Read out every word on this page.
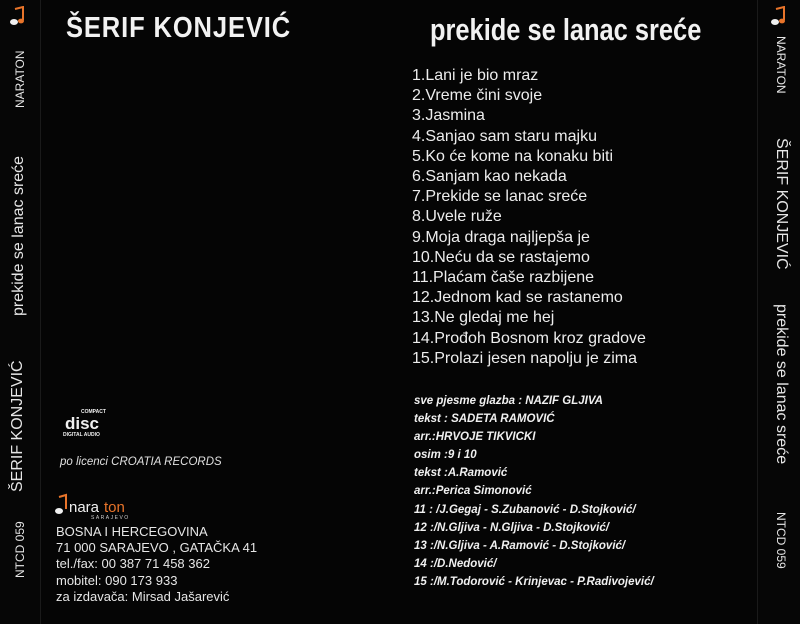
NARATON
prekide se lanac sreće
ŠERIF KONJEVIĆ
NTCD 059
NARATON
ŠERIF KONJEVIĆ
prekide se lanac sreće
NTCD 059
ŠERIF KONJEVIĆ	prekide se lanac sreće
1.Lani je bio mraz
2.Vreme čini svoje
3.Jasmina
4.Sanjao sam staru majku
5.Ko će kome na konaku biti
6.Sanjam kao nekada
7.Prekide se lanac sreće
8.Uvele ruže
9.Moja draga najljepša je
10.Neću da se rastajemo
11.Plaćam čaše razbijene
12.Jednom kad se rastanemo
13.Ne gledaj me hej
14.Prođoh Bosnom kroz gradove
15.Prolazi jesen napolju je zima
sve pjesme glazba : NAZIF GLJIVA
tekst : SADETA RAMOVIĆ
arr.:HRVOJE TIKVICKI
osim :9 i 10
tekst :A.Ramović
arr.:Perica Simonović
11 : /J.Gegaj - S.Zubanović - D.Stojković/
12 :/N.Gljiva - N.Gljiva - D.Stojković/
13 :/N.Gljiva - A.Ramović - D.Stojković/
14 :/D.Nedović/
15 :/M.Todorović - Krinjevac - P.Radivojević/
COMPACT
disc
DIGITAL AUDIO
po licenci CROATIA RECORDS
nara ton
SARAJEVO
BOSNA I HERCEGOVINA
71 000 SARAJEVO , GATAČKA 41
tel./fax: 00 387 71 458 362
mobitel: 090 173 933
za izdavača: Mirsad Jašarević
